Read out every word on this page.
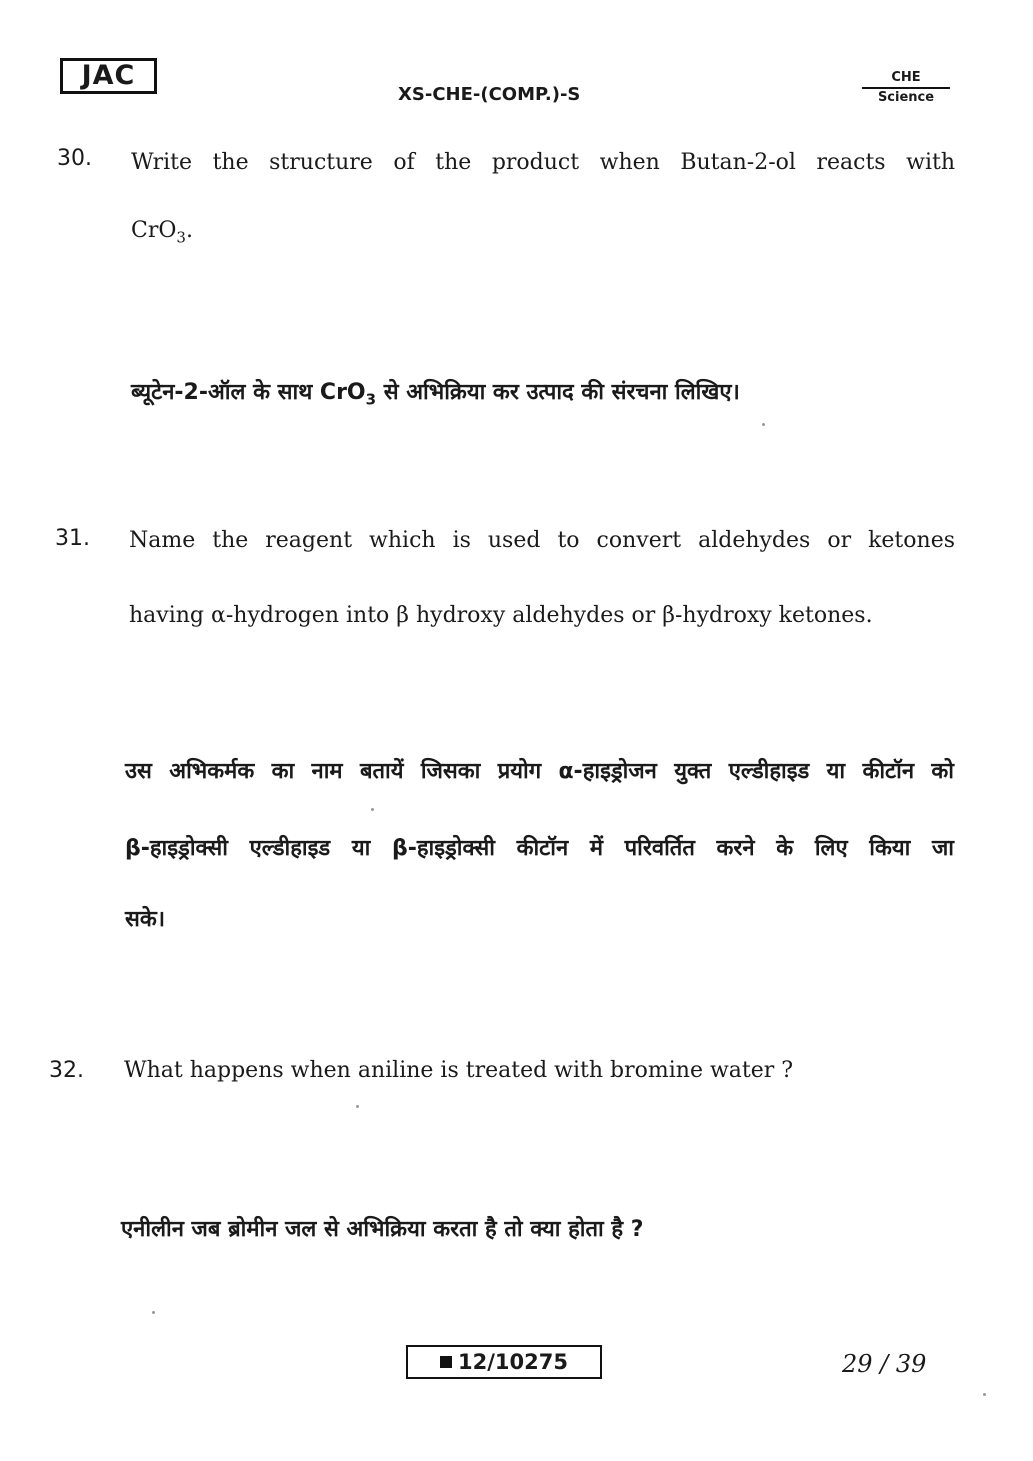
JAC
XS-CHE-(COMP.)-S
CHE
Science
30. Write the structure of the product when Butan-2-ol reacts with
CrO$_3$.
ब्यूटेन-2-ऑल के साथ CrO$_3$ से अभिक्रिया कर उत्पाद की संरचना लिखिए।
31. Name the reagent which is used to convert aldehydes or ketones
having α-hydrogen into β hydroxy aldehydes or β-hydroxy ketones.
उस अभिकर्मक का नाम बतायें जिसका प्रयोग α-हाइड्रोजन युक्त एल्डीहाइड या कीटॉन को
β-हाइड्रोक्सी एल्डीहाइड या β-हाइड्रोक्सी कीटॉन में परिवर्तित करने के लिए किया जा
सके।
32. What happens when aniline is treated with bromine water ?
एनीलीन जब ब्रोमीन जल से अभिक्रिया करता है तो क्या होता है ?
12/10275	29 / 39
